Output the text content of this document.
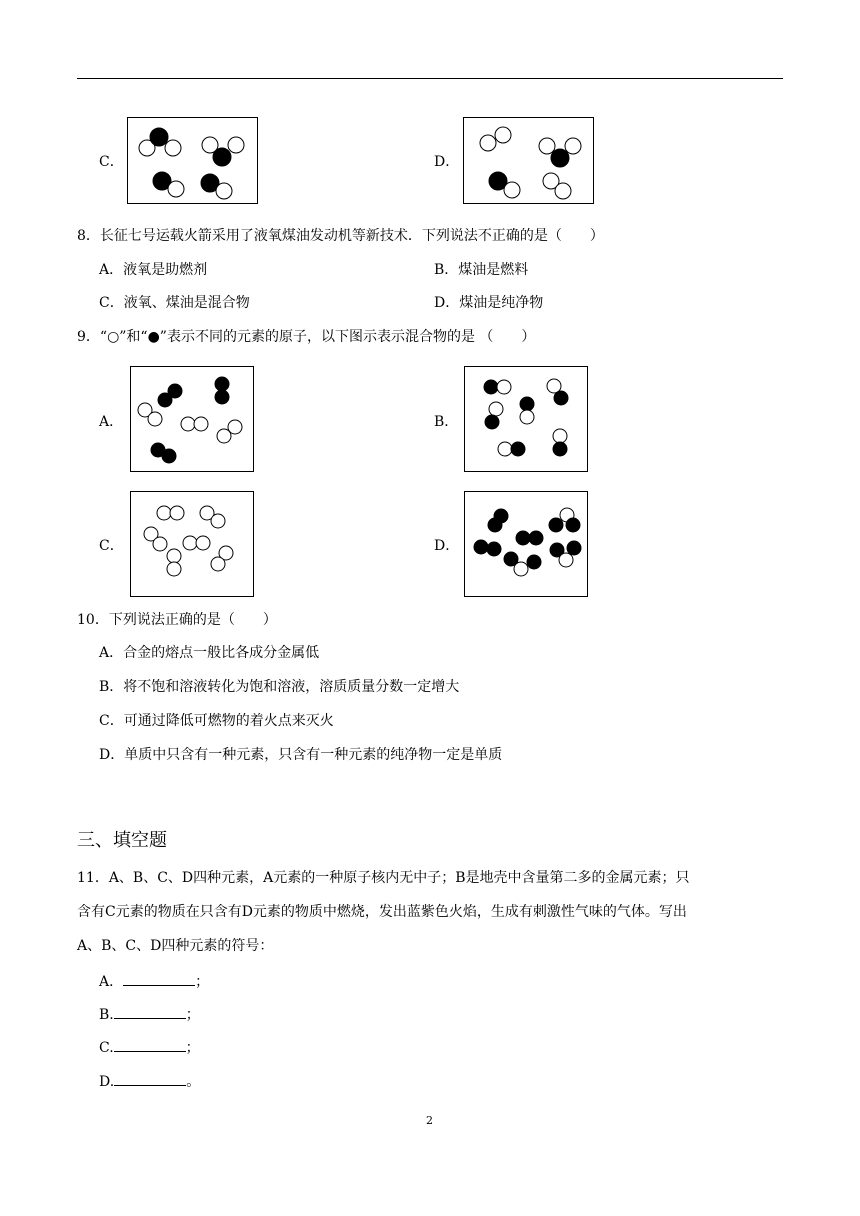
C．	D．
8．长征七号运载火箭采用了液氧煤油发动机等新技术．下列说法不正确的是（　　）
A．液氧是助燃剂	B．煤油是燃料
C．液氧、煤油是混合物	D．煤油是纯净物
9．“○”和“●”表示不同的元素的原子，以下图示表示混合物的是 （　　）
A．	B．
C．	D．
10．下列说法正确的是（　　）
A．合金的熔点一般比各成分金属低
B．将不饱和溶液转化为饱和溶液，溶质质量分数一定增大
C．可通过降低可燃物的着火点来灭火
D．单质中只含有一种元素，只含有一种元素的纯净物一定是单质
三、填空题
11．A、B、C、D四种元素，A元素的一种原子核内无中子；B是地壳中含量第二多的金属元素；只
含有C元素的物质在只含有D元素的物质中燃烧，发出蓝紫色火焰，生成有刺激性气味的气体。写出
A、B、C、D四种元素的符号：
A．	；
B.	；
C.	；
D.	。
2
